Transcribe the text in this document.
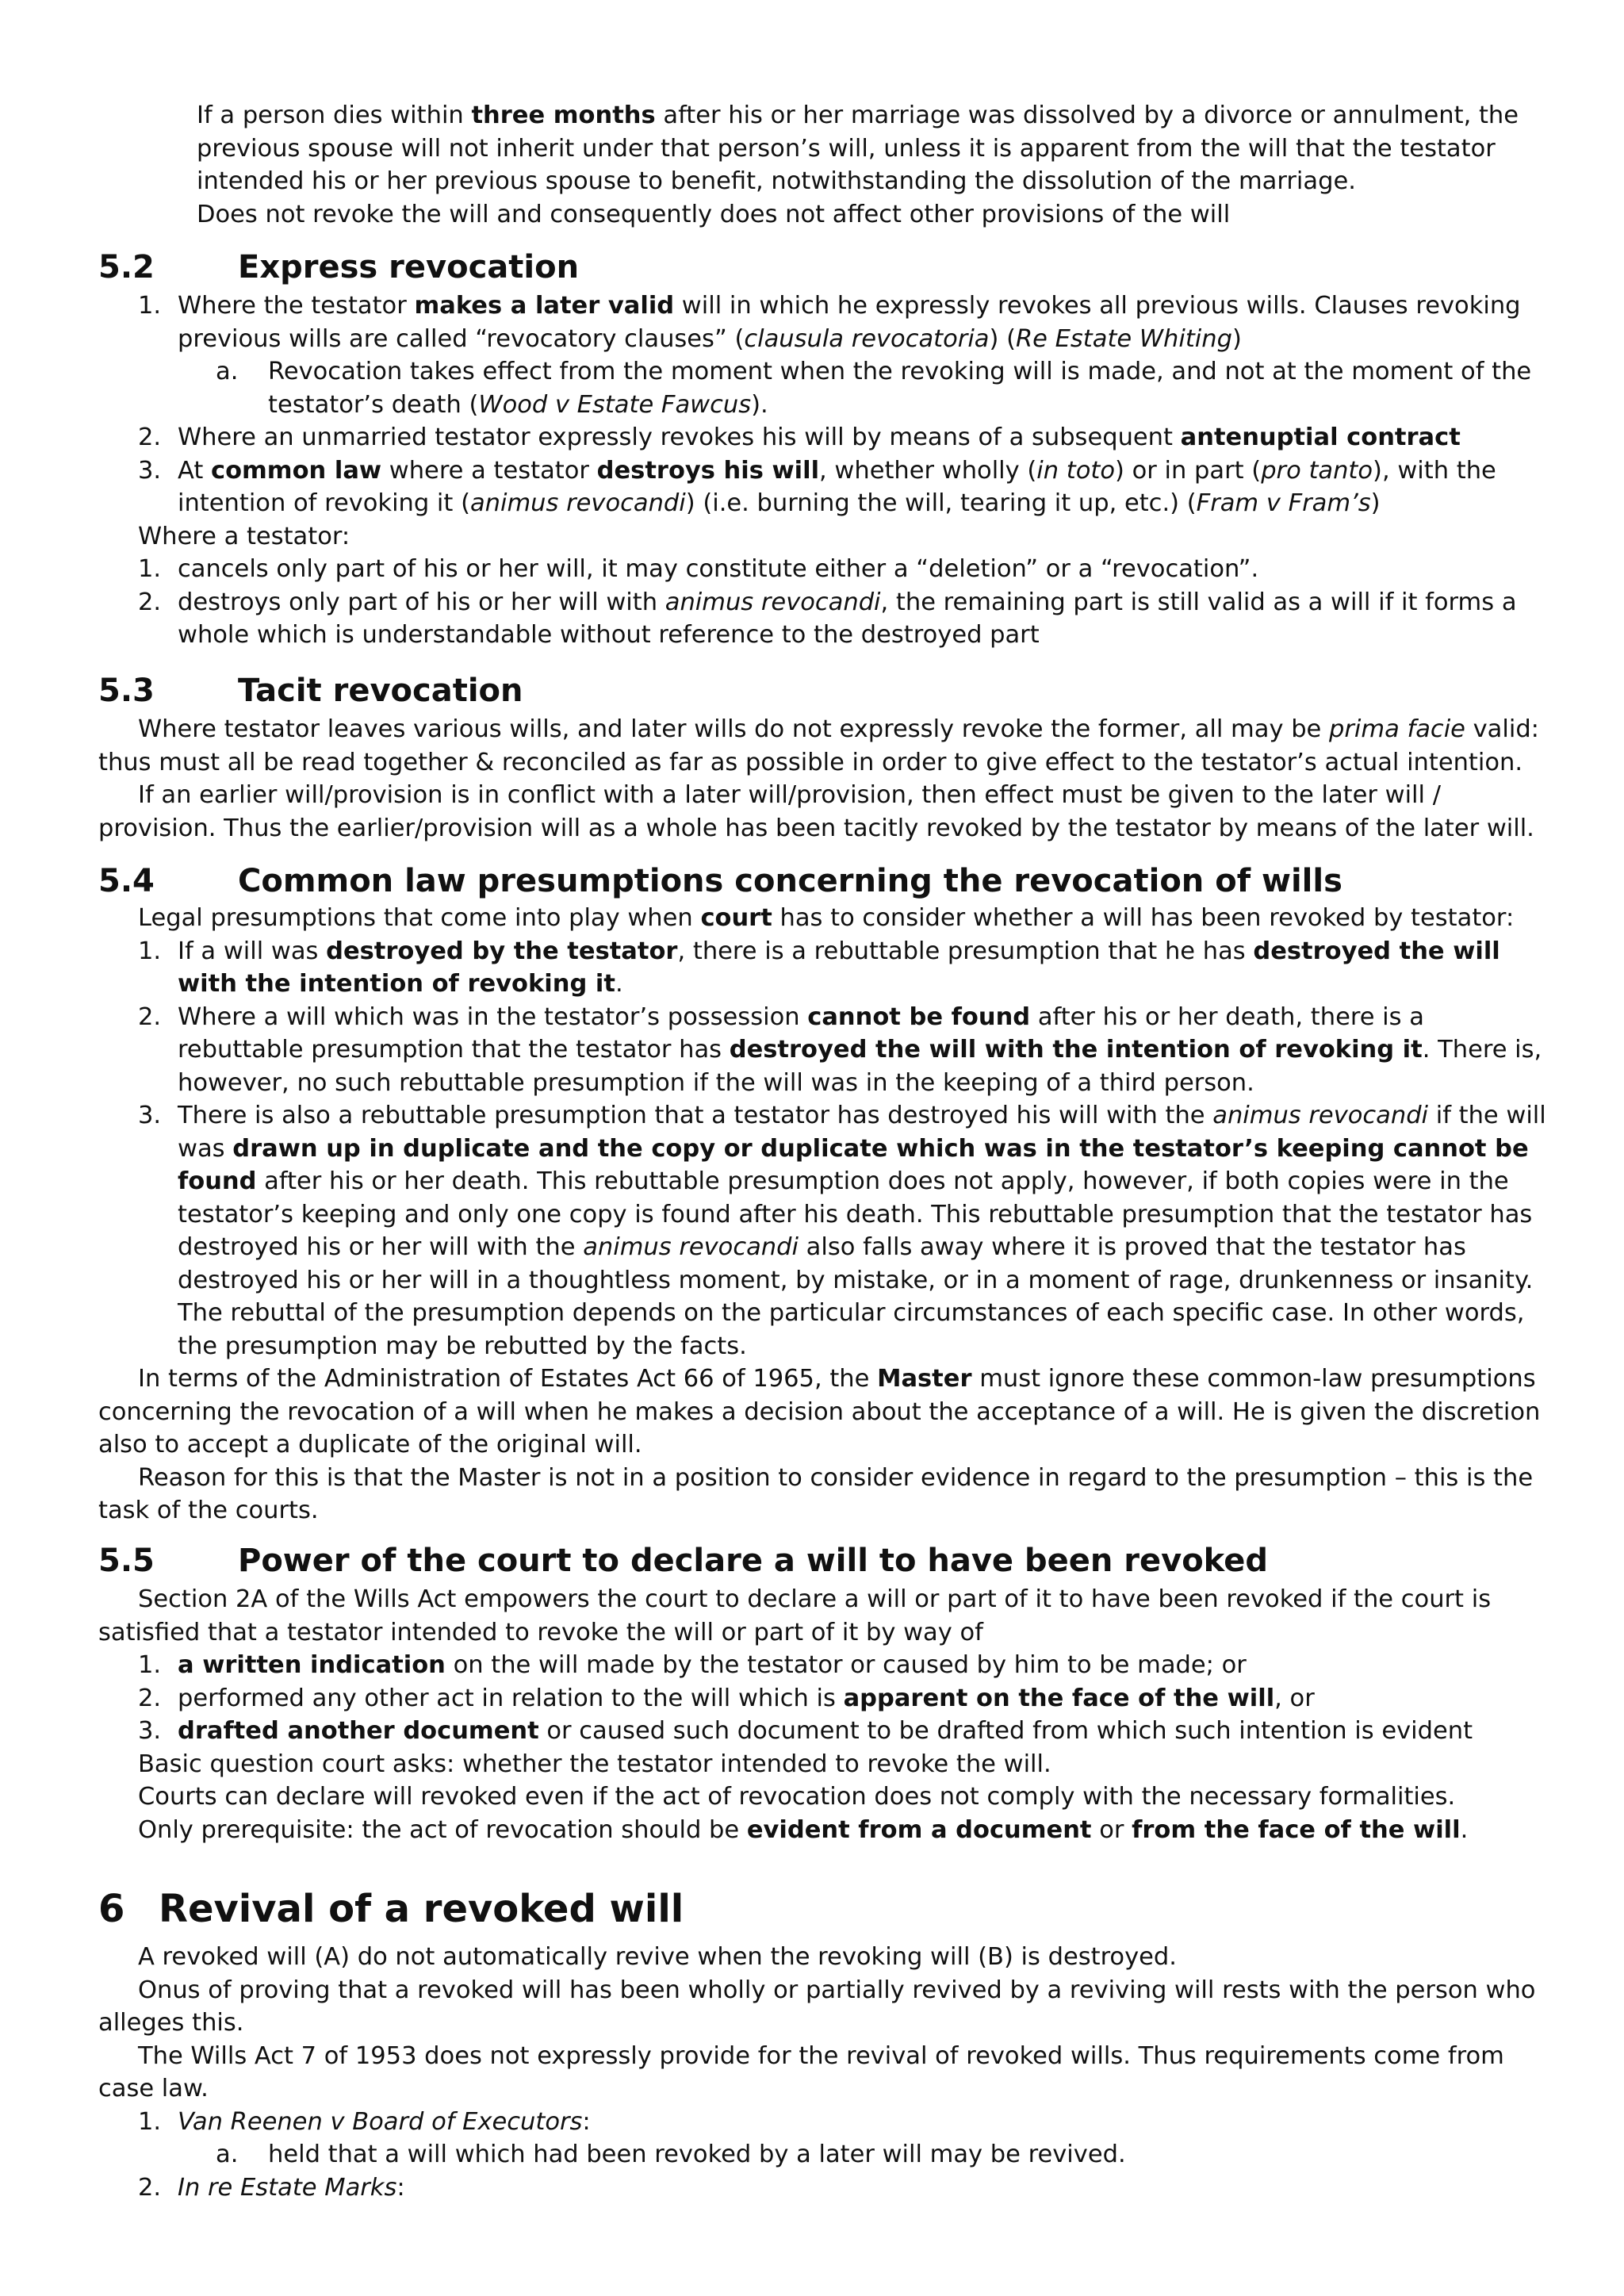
If a person dies within three months after his or her marriage was dissolved by a divorce or annulment, the previous spouse will not inherit under that person’s will, unless it is apparent from the will that the testator intended his or her previous spouse to benefit, notwithstanding the dissolution of the marriage.

Does not revoke the will and consequently does not affect other provisions of the will

5.2	Express revocation
1. Where the testator makes a later valid will in which he expressly revokes all previous wills. Clauses revoking previous wills are called “revocatory clauses” (clausula revocatoria) (Re Estate Whiting)
a. Revocation takes effect from the moment when the revoking will is made, and not at the moment of the testator’s death (Wood v Estate Fawcus).
2. Where an unmarried testator expressly revokes his will by means of a subsequent antenuptial contract
3. At common law where a testator destroys his will, whether wholly (in toto) or in part (pro tanto), with the intention of revoking it (animus revocandi) (i.e. burning the will, tearing it up, etc.) (Fram v Fram’s)

Where a testator:

1. cancels only part of his or her will, it may constitute either a “deletion” or a “revocation”.
2. destroys only part of his or her will with animus revocandi, the remaining part is still valid as a will if it forms a whole which is understandable without reference to the destroyed part
5.3	Tacit revocation

Where testator leaves various wills, and later wills do not expressly revoke the former, all may be prima facie valid: thus must all be read together & reconciled as far as possible in order to give effect to the testator’s actual intention.

If an earlier will/provision is in conflict with a later will/provision, then effect must be given to the later will / provision. Thus the earlier/provision will as a whole has been tacitly revoked by the testator by means of the later will.

5.4	Common law presumptions concerning the revocation of wills

Legal presumptions that come into play when court has to consider whether a will has been revoked by testator:

1. If a will was destroyed by the testator, there is a rebuttable presumption that he has destroyed the will with the intention of revoking it.
2. Where a will which was in the testator’s possession cannot be found after his or her death, there is a rebuttable presumption that the testator has destroyed the will with the intention of revoking it. There is, however, no such rebuttable presumption if the will was in the keeping of a third person.
3. There is also a rebuttable presumption that a testator has destroyed his will with the animus revocandi if the will was drawn up in duplicate and the copy or duplicate which was in the testator’s keeping cannot be found after his or her death. This rebuttable presumption does not apply, however, if both copies were in the testator’s keeping and only one copy is found after his death. This rebuttable presumption that the testator has destroyed his or her will with the animus revocandi also falls away where it is proved that the testator has destroyed his or her will in a thoughtless moment, by mistake, or in a moment of rage, drunkenness or insanity. The rebuttal of the presumption depends on the particular circumstances of each specific case. In other words, the presumption may be rebutted by the facts.

In terms of the Administration of Estates Act 66 of 1965, the Master must ignore these common-law presumptions concerning the revocation of a will when he makes a decision about the acceptance of a will. He is given the discretion also to accept a duplicate of the original will.

Reason for this is that the Master is not in a position to consider evidence in regard to the presumption – this is the task of the courts.

5.5	Power of the court to declare a will to have been revoked

Section 2A of the Wills Act empowers the court to declare a will or part of it to have been revoked if the court is satisfied that a testator intended to revoke the will or part of it by way of

1. a written indication on the will made by the testator or caused by him to be made; or
2. performed any other act in relation to the will which is apparent on the face of the will, or
3. drafted another document or caused such document to be drafted from which such intention is evident

Basic question court asks: whether the testator intended to revoke the will.

Courts can declare will revoked even if the act of revocation does not comply with the necessary formalities.

Only prerequisite: the act of revocation should be evident from a document or from the face of the will.

6 Revival of a revoked will

A revoked will (A) do not automatically revive when the revoking will (B) is destroyed.

Onus of proving that a revoked will has been wholly or partially revived by a reviving will rests with the person who alleges this.

The Wills Act 7 of 1953 does not expressly provide for the revival of revoked wills. Thus requirements come from case law.

1. Van Reenen v Board of Executors:
a. held that a will which had been revoked by a later will may be revived.
2. In re Estate Marks:
